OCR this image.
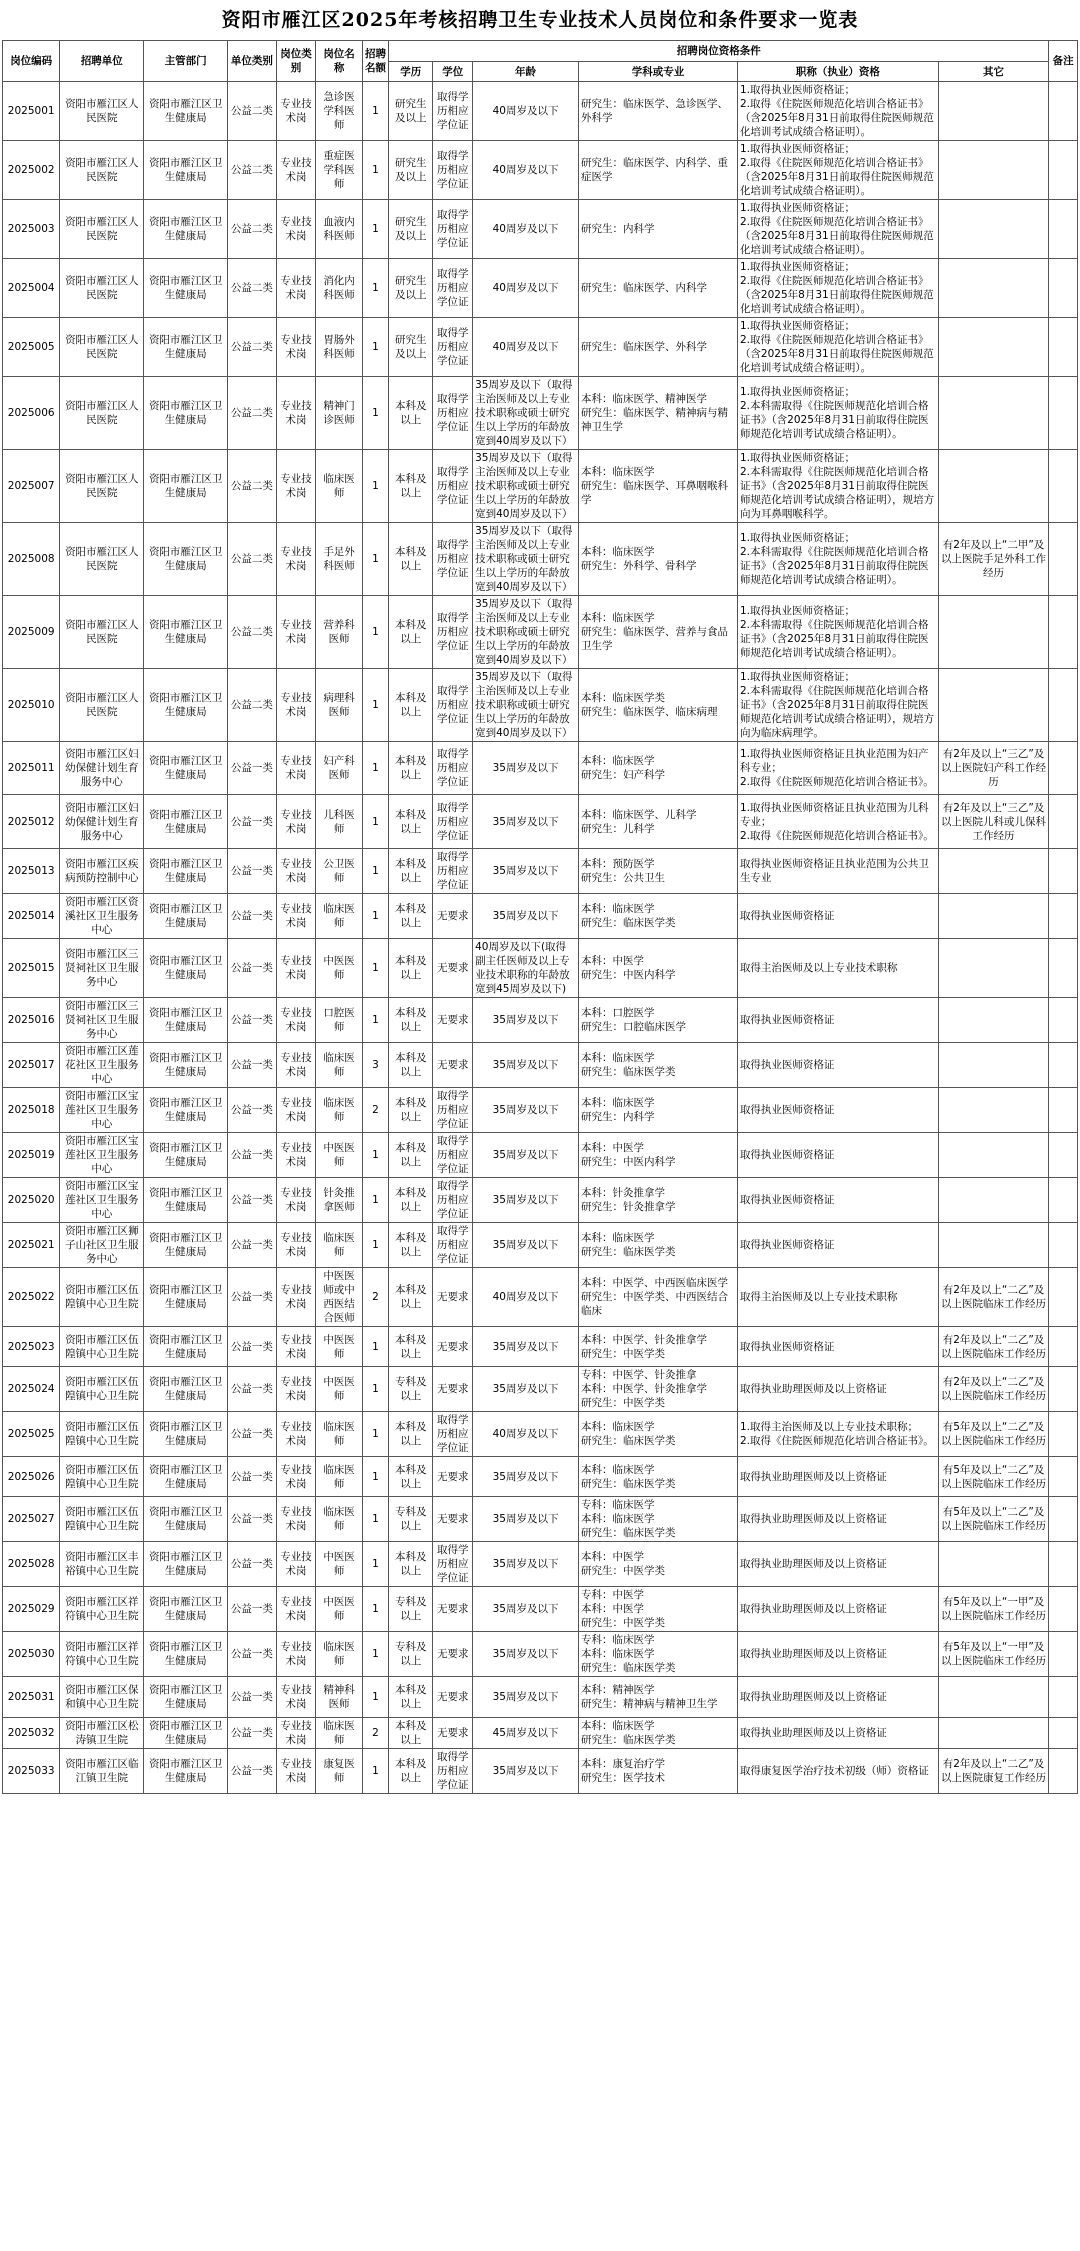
资阳市雁江区2025年考核招聘卫生专业技术人员岗位和条件要求一览表
岗位编码	招聘单位	主管部门	单位类别	岗位类别	岗位名称	招聘名额	招聘岗位资格条件						备注
							学历	学位	年龄	学科或专业	职称（执业）资格	其它	
2025001	资阳市雁江区人民医院	资阳市雁江区卫生健康局	公益二类	专业技术岗	急诊医学科医师	1	研究生及以上	取得学历相应学位证	40周岁及以下	研究生：临床医学、急诊医学、外科学	1.取得执业医师资格证；
2.取得《住院医师规范化培训合格证书》（含2025年8月31日前取得住院医师规范化培训考试成绩合格证明）。		
2025002	资阳市雁江区人民医院	资阳市雁江区卫生健康局	公益二类	专业技术岗	重症医学科医师	1	研究生及以上	取得学历相应学位证	40周岁及以下	研究生：临床医学、内科学、重症医学	1.取得执业医师资格证；
2.取得《住院医师规范化培训合格证书》（含2025年8月31日前取得住院医师规范化培训考试成绩合格证明）。		
2025003	资阳市雁江区人民医院	资阳市雁江区卫生健康局	公益二类	专业技术岗	血液内科医师	1	研究生及以上	取得学历相应学位证	40周岁及以下	研究生：内科学	1.取得执业医师资格证；
2.取得《住院医师规范化培训合格证书》（含2025年8月31日前取得住院医师规范化培训考试成绩合格证明）。		
2025004	资阳市雁江区人民医院	资阳市雁江区卫生健康局	公益二类	专业技术岗	消化内科医师	1	研究生及以上	取得学历相应学位证	40周岁及以下	研究生：临床医学、内科学	1.取得执业医师资格证；
2.取得《住院医师规范化培训合格证书》（含2025年8月31日前取得住院医师规范化培训考试成绩合格证明）。		
2025005	资阳市雁江区人民医院	资阳市雁江区卫生健康局	公益二类	专业技术岗	胃肠外科医师	1	研究生及以上	取得学历相应学位证	40周岁及以下	研究生：临床医学、外科学	1.取得执业医师资格证；
2.取得《住院医师规范化培训合格证书》（含2025年8月31日前取得住院医师规范化培训考试成绩合格证明）。		
2025006	资阳市雁江区人民医院	资阳市雁江区卫生健康局	公益二类	专业技术岗	精神门诊医师	1	本科及以上	取得学历相应学位证	35周岁及以下（取得主治医师及以上专业技术职称或硕士研究生以上学历的年龄放宽到40周岁及以下）	本科：临床医学、精神医学
研究生：临床医学、精神病与精神卫生学	1.取得执业医师资格证；
2.本科需取得《住院医师规范化培训合格证书》（含2025年8月31日前取得住院医师规范化培训考试成绩合格证明）。		
2025007	资阳市雁江区人民医院	资阳市雁江区卫生健康局	公益二类	专业技术岗	临床医师	1	本科及以上	取得学历相应学位证	35周岁及以下（取得主治医师及以上专业技术职称或硕士研究生以上学历的年龄放宽到40周岁及以下）	本科：临床医学
研究生：临床医学、耳鼻咽喉科学	1.取得执业医师资格证；
2.本科需取得《住院医师规范化培训合格证书》（含2025年8月31日前取得住院医师规范化培训考试成绩合格证明），规培方向为耳鼻咽喉科学。		
2025008	资阳市雁江区人民医院	资阳市雁江区卫生健康局	公益二类	专业技术岗	手足外科医师	1	本科及以上	取得学历相应学位证	35周岁及以下（取得主治医师及以上专业技术职称或硕士研究生以上学历的年龄放宽到40周岁及以下）	本科：临床医学
研究生：外科学、骨科学	1.取得执业医师资格证；
2.本科需取得《住院医师规范化培训合格证书》（含2025年8月31日前取得住院医师规范化培训考试成绩合格证明）。	有2年及以上“二甲”及以上医院手足外科工作经历	
2025009	资阳市雁江区人民医院	资阳市雁江区卫生健康局	公益二类	专业技术岗	营养科医师	1	本科及以上	取得学历相应学位证	35周岁及以下（取得主治医师及以上专业技术职称或硕士研究生以上学历的年龄放宽到40周岁及以下）	本科：临床医学
研究生：临床医学、营养与食品卫生学	1.取得执业医师资格证；
2.本科需取得《住院医师规范化培训合格证书》（含2025年8月31日前取得住院医师规范化培训考试成绩合格证明）。		
2025010	资阳市雁江区人民医院	资阳市雁江区卫生健康局	公益二类	专业技术岗	病理科医师	1	本科及以上	取得学历相应学位证	35周岁及以下（取得主治医师及以上专业技术职称或硕士研究生以上学历的年龄放宽到40周岁及以下）	本科：临床医学类
研究生：临床医学、临床病理	1.取得执业医师资格证；
2.本科需取得《住院医师规范化培训合格证书》（含2025年8月31日前取得住院医师规范化培训考试成绩合格证明），规培方向为临床病理学。		
2025011	资阳市雁江区妇幼保健计划生育服务中心	资阳市雁江区卫生健康局	公益一类	专业技术岗	妇产科医师	1	本科及以上	取得学历相应学位证	35周岁及以下	本科：临床医学
研究生：妇产科学	1.取得执业医师资格证且执业范围为妇产科专业；
2.取得《住院医师规范化培训合格证书》。	有2年及以上“三乙”及以上医院妇产科工作经历	
2025012	资阳市雁江区妇幼保健计划生育服务中心	资阳市雁江区卫生健康局	公益一类	专业技术岗	儿科医师	1	本科及以上	取得学历相应学位证	35周岁及以下	本科：临床医学、儿科学
研究生：儿科学	1.取得执业医师资格证且执业范围为儿科专业；
2.取得《住院医师规范化培训合格证书》。	有2年及以上“三乙”及以上医院儿科或儿保科工作经历	
2025013	资阳市雁江区疾病预防控制中心	资阳市雁江区卫生健康局	公益一类	专业技术岗	公卫医师	1	本科及以上	取得学历相应学位证	35周岁及以下	本科：预防医学
研究生：公共卫生	取得执业医师资格证且执业范围为公共卫生专业		
2025014	资阳市雁江区资溪社区卫生服务中心	资阳市雁江区卫生健康局	公益一类	专业技术岗	临床医师	1	本科及以上	无要求	35周岁及以下	本科：临床医学
研究生：临床医学类	取得执业医师资格证		
2025015	资阳市雁江区三贤祠社区卫生服务中心	资阳市雁江区卫生健康局	公益一类	专业技术岗	中医医师	1	本科及以上	无要求	40周岁及以下(取得副主任医师及以上专业技术职称的年龄放宽到45周岁及以下)	本科：中医学
研究生：中医内科学	取得主治医师及以上专业技术职称		
2025016	资阳市雁江区三贤祠社区卫生服务中心	资阳市雁江区卫生健康局	公益一类	专业技术岗	口腔医师	1	本科及以上	无要求	35周岁及以下	本科：口腔医学
研究生：口腔临床医学	取得执业医师资格证		
2025017	资阳市雁江区莲花社区卫生服务中心	资阳市雁江区卫生健康局	公益一类	专业技术岗	临床医师	3	本科及以上	无要求	35周岁及以下	本科：临床医学
研究生：临床医学类	取得执业医师资格证		
2025018	资阳市雁江区宝莲社区卫生服务中心	资阳市雁江区卫生健康局	公益一类	专业技术岗	临床医师	2	本科及以上	取得学历相应学位证	35周岁及以下	本科：临床医学
研究生：内科学	取得执业医师资格证		
2025019	资阳市雁江区宝莲社区卫生服务中心	资阳市雁江区卫生健康局	公益一类	专业技术岗	中医医师	1	本科及以上	取得学历相应学位证	35周岁及以下	本科：中医学
研究生：中医内科学	取得执业医师资格证		
2025020	资阳市雁江区宝莲社区卫生服务中心	资阳市雁江区卫生健康局	公益一类	专业技术岗	针灸推拿医师	1	本科及以上	取得学历相应学位证	35周岁及以下	本科：针灸推拿学
研究生：针灸推拿学	取得执业医师资格证		
2025021	资阳市雁江区狮子山社区卫生服务中心	资阳市雁江区卫生健康局	公益一类	专业技术岗	临床医师	1	本科及以上	取得学历相应学位证	35周岁及以下	本科：临床医学
研究生：临床医学类	取得执业医师资格证		
2025022	资阳市雁江区伍隍镇中心卫生院	资阳市雁江区卫生健康局	公益一类	专业技术岗	中医医师或中西医结合医师	2	本科及以上	无要求	40周岁及以下	本科：中医学、中西医临床医学
研究生：中医学类、中西医结合临床	取得主治医师及以上专业技术职称	有2年及以上“二乙”及以上医院临床工作经历	
2025023	资阳市雁江区伍隍镇中心卫生院	资阳市雁江区卫生健康局	公益一类	专业技术岗	中医医师	1	本科及以上	无要求	35周岁及以下	本科：中医学、针灸推拿学
研究生：中医学类	取得执业医师资格证	有2年及以上“二乙”及以上医院临床工作经历	
2025024	资阳市雁江区伍隍镇中心卫生院	资阳市雁江区卫生健康局	公益一类	专业技术岗	中医医师	1	专科及以上	无要求	35周岁及以下	专科：中医学、针灸推拿
本科：中医学、针灸推拿学
研究生：中医学类	取得执业助理医师及以上资格证	有2年及以上“二乙”及以上医院临床工作经历	
2025025	资阳市雁江区伍隍镇中心卫生院	资阳市雁江区卫生健康局	公益一类	专业技术岗	临床医师	1	本科及以上	取得学历相应学位证	40周岁及以下	本科：临床医学
研究生：临床医学类	1.取得主治医师及以上专业技术职称；
2.取得《住院医师规范化培训合格证书》。	有5年及以上“二乙”及以上医院临床工作经历	
2025026	资阳市雁江区伍隍镇中心卫生院	资阳市雁江区卫生健康局	公益一类	专业技术岗	临床医师	1	本科及以上	无要求	35周岁及以下	本科：临床医学
研究生：临床医学类	取得执业助理医师及以上资格证	有5年及以上“二乙”及以上医院临床工作经历	
2025027	资阳市雁江区伍隍镇中心卫生院	资阳市雁江区卫生健康局	公益一类	专业技术岗	临床医师	1	专科及以上	无要求	35周岁及以下	专科：临床医学
本科：临床医学
研究生：临床医学类	取得执业助理医师及以上资格证	有5年及以上“二乙”及以上医院临床工作经历	
2025028	资阳市雁江区丰裕镇中心卫生院	资阳市雁江区卫生健康局	公益一类	专业技术岗	中医医师	1	本科及以上	取得学历相应学位证	35周岁及以下	本科：中医学
研究生：中医学类	取得执业助理医师及以上资格证		
2025029	资阳市雁江区祥符镇中心卫生院	资阳市雁江区卫生健康局	公益一类	专业技术岗	中医医师	1	专科及以上	无要求	35周岁及以下	专科：中医学
本科：中医学
研究生：中医学类	取得执业助理医师及以上资格证	有5年及以上“一甲”及以上医院临床工作经历	
2025030	资阳市雁江区祥符镇中心卫生院	资阳市雁江区卫生健康局	公益一类	专业技术岗	临床医师	1	专科及以上	无要求	35周岁及以下	专科：临床医学
本科：临床医学
研究生：临床医学类	取得执业助理医师及以上资格证	有5年及以上“一甲”及以上医院临床工作经历	
2025031	资阳市雁江区保和镇中心卫生院	资阳市雁江区卫生健康局	公益一类	专业技术岗	精神科医师	1	本科及以上	无要求	35周岁及以下	本科：精神医学
研究生：精神病与精神卫生学	取得执业助理医师及以上资格证		
2025032	资阳市雁江区松涛镇卫生院	资阳市雁江区卫生健康局	公益一类	专业技术岗	临床医师	2	本科及以上	无要求	45周岁及以下	本科：临床医学
研究生：临床医学类	取得执业助理医师及以上资格证		
2025033	资阳市雁江区临江镇卫生院	资阳市雁江区卫生健康局	公益一类	专业技术岗	康复医师	1	本科及以上	取得学历相应学位证	35周岁及以下	本科：康复治疗学
研究生：医学技术	取得康复医学治疗技术初级（师）资格证	有2年及以上“二乙”及以上医院康复工作经历	
